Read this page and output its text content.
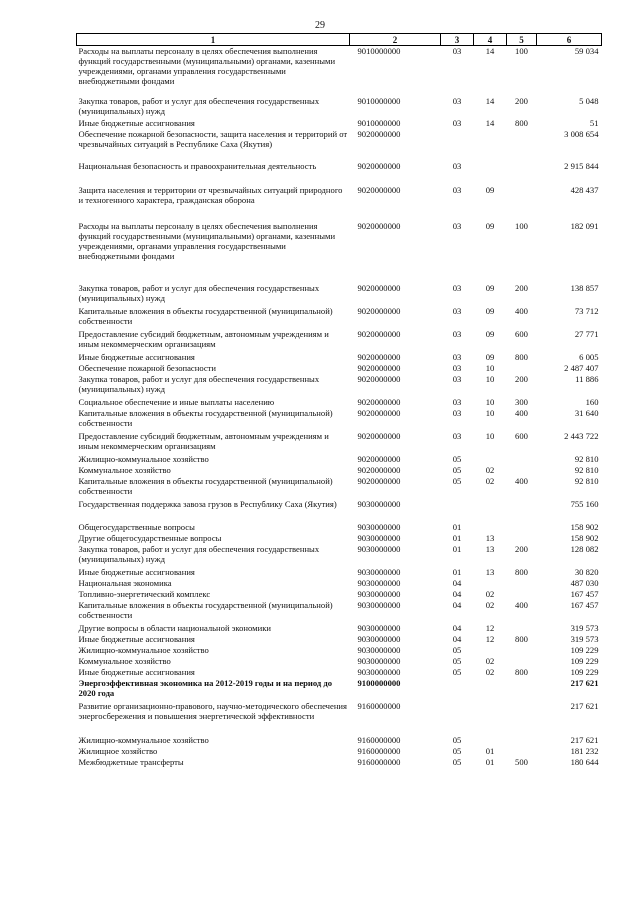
29
1	2	3	4	5	6
Расходы на выплаты персоналу в целях обеспечения выполнения функций государственными (муниципальными) органами, казенными учреждениями, органами управления государственными внебюджетными фондами	9010000000	03	14	100	59 034
Закупка товаров, работ и услуг для обеспечения государственных (муниципальных) нужд	9010000000	03	14	200	5 048
Иные бюджетные ассигнования	9010000000	03	14	800	51
Обеспечение пожарной безопасности, защита населения и территорий от чрезвычайных ситуаций в Республике Саха (Якутия)	9020000000				3 008 654
Национальная безопасность и правоохранительная деятельность	9020000000	03			2 915 844
Защита населения и территории от чрезвычайных ситуаций природного и техногенного характера, гражданская оборона	9020000000	03	09		428 437
Расходы на выплаты персоналу в целях обеспечения выполнения функций государственными (муниципальными) органами, казенными учреждениями, органами управления государственными внебюджетными фондами	9020000000	03	09	100	182 091
Закупка товаров, работ и услуг для обеспечения государственных (муниципальных) нужд	9020000000	03	09	200	138 857
Капитальные вложения в объекты государственной (муниципальной) собственности	9020000000	03	09	400	73 712
Предоставление субсидий бюджетным, автономным учреждениям и иным некоммерческим организациям	9020000000	03	09	600	27 771
Иные бюджетные ассигнования	9020000000	03	09	800	6 005
Обеспечение пожарной безопасности	9020000000	03	10		2 487 407
Закупка товаров, работ и услуг для обеспечения государственных (муниципальных) нужд	9020000000	03	10	200	11 886
Социальное обеспечение и иные выплаты населению	9020000000	03	10	300	160
Капитальные вложения в объекты государственной (муниципальной) собственности	9020000000	03	10	400	31 640
Предоставление субсидий бюджетным, автономным учреждениям и иным некоммерческим организациям	9020000000	03	10	600	2 443 722
Жилищно-коммунальное хозяйство	9020000000	05			92 810
Коммунальное хозяйство	9020000000	05	02		92 810
Капитальные вложения в объекты государственной (муниципальной) собственности	9020000000	05	02	400	92 810
Государственная поддержка завоза грузов в Республику Саха (Якутия)	9030000000				755 160
Общегосударственные вопросы	9030000000	01			158 902
Другие общегосударственные вопросы	9030000000	01	13		158 902
Закупка товаров, работ и услуг для обеспечения государственных (муниципальных) нужд	9030000000	01	13	200	128 082
Иные бюджетные ассигнования	9030000000	01	13	800	30 820
Национальная экономика	9030000000	04			487 030
Топливно-энергетический комплекс	9030000000	04	02		167 457
Капитальные вложения в объекты государственной (муниципальной) собственности	9030000000	04	02	400	167 457
Другие вопросы в области национальной экономики	9030000000	04	12		319 573
Иные бюджетные ассигнования	9030000000	04	12	800	319 573
Жилищно-коммунальное хозяйство	9030000000	05			109 229
Коммунальное хозяйство	9030000000	05	02		109 229
Иные бюджетные ассигнования	9030000000	05	02	800	109 229
Энергоэффективная экономика на 2012-2019 годы и на период до 2020 года	9100000000				217 621
Развитие организационно-правового, научно-методического обеспечения энергосбережения и повышения энергетической эффективности	9160000000				217 621
Жилищно-коммунальное хозяйство	9160000000	05			217 621
Жилищное хозяйство	9160000000	05	01		181 232
Межбюджетные трансферты	9160000000	05	01	500	180 644
